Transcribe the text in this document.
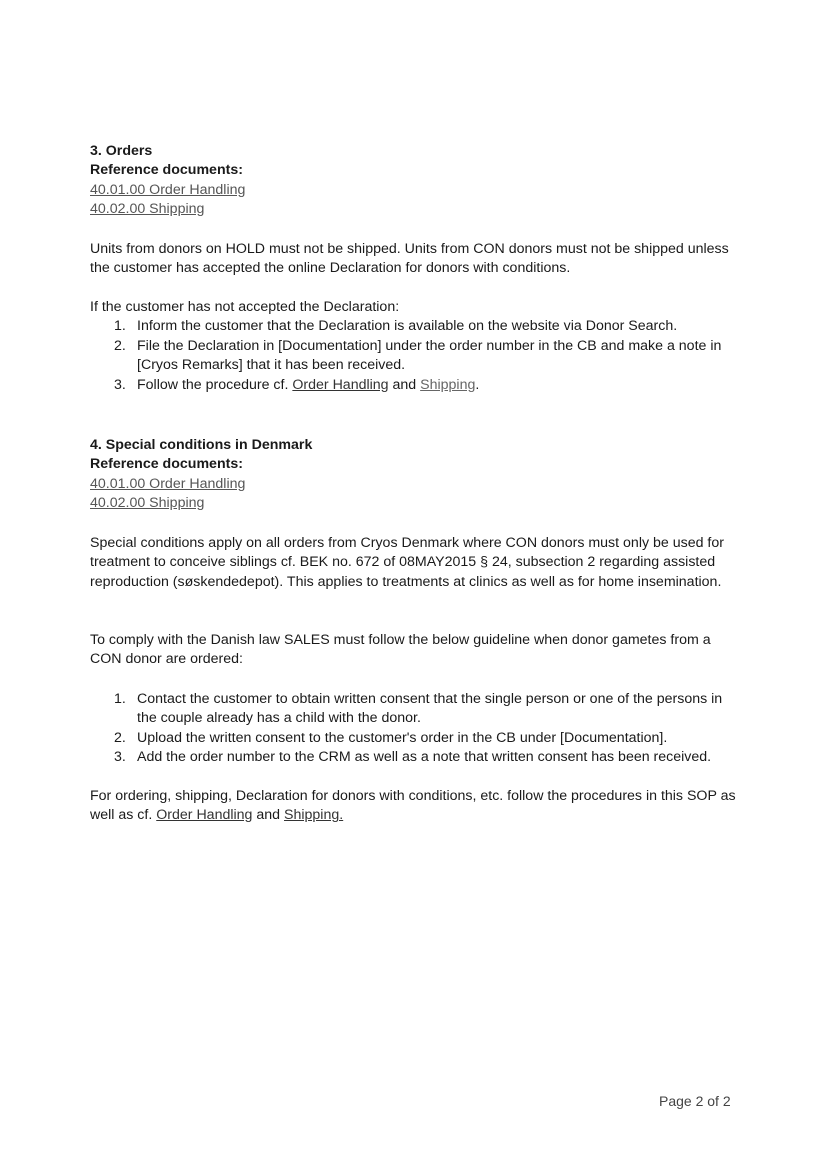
3. Orders
Reference documents:
40.01.00 Order Handling
40.02.00 Shipping

Units from donors on HOLD must not be shipped. Units from CON donors must not be shipped unless the customer has accepted the online Declaration for donors with conditions.

If the customer has not accepted the Declaration:

1. Inform the customer that the Declaration is available on the website via Donor Search.
2. File the Declaration in [Documentation] under the order number in the CB and make a note in [Cryos Remarks] that it has been received.
3. Follow the procedure cf. Order Handling and Shipping.
4. Special conditions in Denmark
Reference documents:
40.01.00 Order Handling
40.02.00 Shipping

Special conditions apply on all orders from Cryos Denmark where CON donors must only be used for treatment to conceive siblings cf. BEK no. 672 of 08MAY2015 § 24, subsection 2 regarding assisted reproduction (søskendedepot). This applies to treatments at clinics as well as for home insemination.

To comply with the Danish law SALES must follow the below guideline when donor gametes from a CON donor are ordered:

1. Contact the customer to obtain written consent that the single person or one of the persons in the couple already has a child with the donor.
2. Upload the written consent to the customer's order in the CB under [Documentation].
3. Add the order number to the CRM as well as a note that written consent has been received.

For ordering, shipping, Declaration for donors with conditions, etc. follow the procedures in this SOP as well as cf. Order Handling and Shipping.

Page 2 of 2
